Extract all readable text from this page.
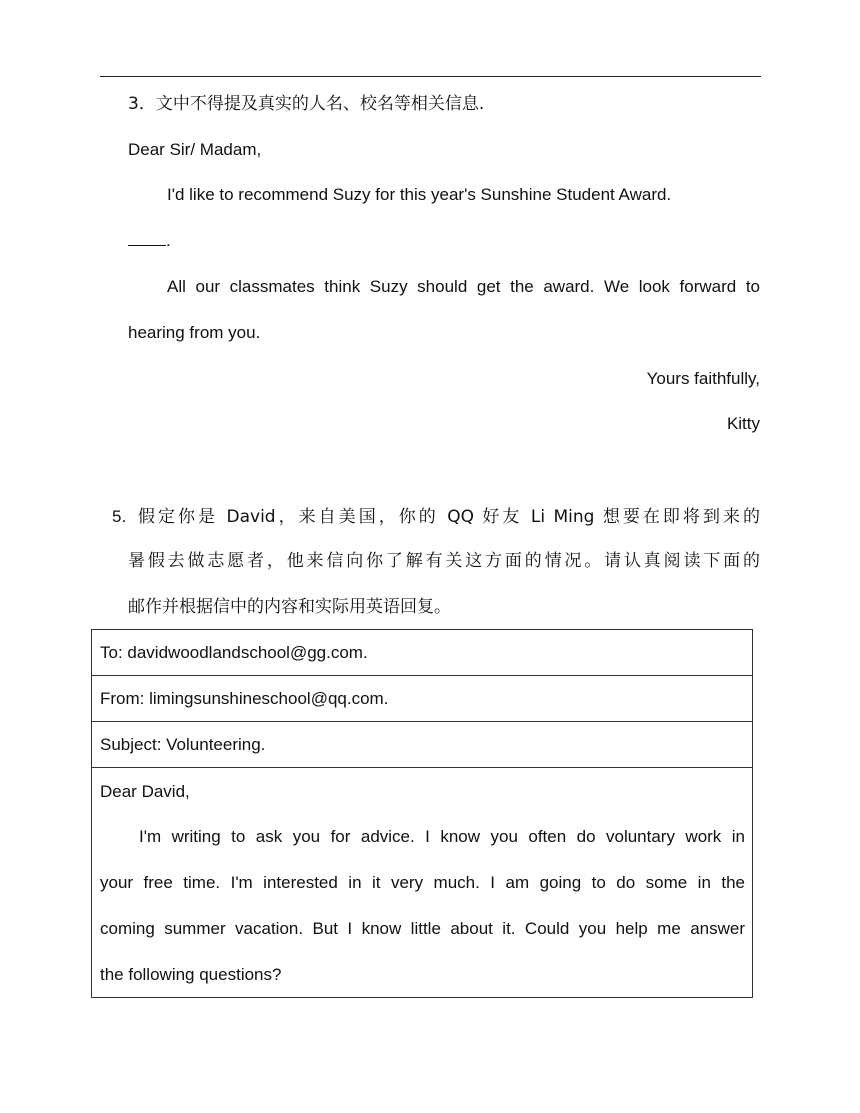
3．文中不得提及真实的人名、校名等相关信息.
Dear Sir/ Madam,
I'd like to recommend Suzy for this year's Sunshine Student Award.
.
All our classmates think Suzy should get the award. We look forward to
hearing from you.
Yours faithfully,
Kitty
5. 假定你是 David，来自美国，你的 QQ 好友 Li Ming 想要在即将到来的
暑假去做志愿者，他来信向你了解有关这方面的情况。请认真阅读下面的
邮作并根据信中的内容和实际用英语回复。
To: davidwoodlandschool@gg.com.
From: limingsunshineschool@qq.com.
Subject: Volunteering.

Dear David,
I'm writing to ask you for advice. I know you often do voluntary work in
your free time. I'm interested in it very much. I am going to do some in the
coming summer vacation. But I know little about it. Could you help me answer
the following questions?
